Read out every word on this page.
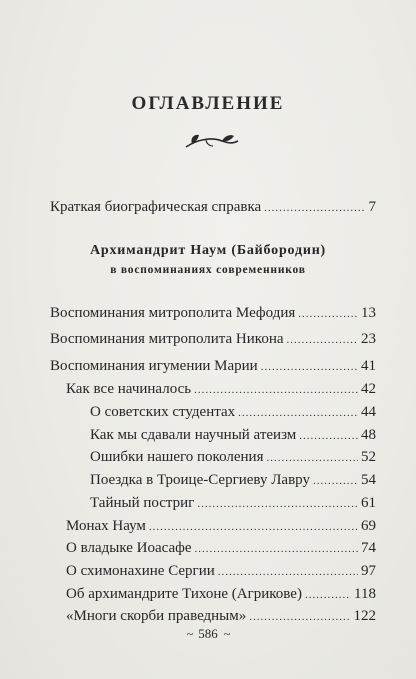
ОГЛАВЛЕНИЕ
Краткая биографическая справка .....	7
Архимандрит Наум (Байбородин)
в воспоминаниях современников
Воспоминания митрополита Мефодия .....	13
Воспоминания митрополита Никона .....	23
Воспоминания игумении Марии .....	41
Как все начиналось .....	42
О советских студентах .....	44
Как мы сдавали научный атеизм .....	48
Ошибки нашего поколения .....	52
Поездка в Троице-Сергиеву Лавру .....	54
Тайный постриг .....	61
Монах Наум .....	69
О владыке Иоасафе .....	74
О схимонахине Сергии .....	97
Об архимандрите Тихоне (Агрикове) .....	118
«Многи скорби праведным» .....	122
~ 586 ~
